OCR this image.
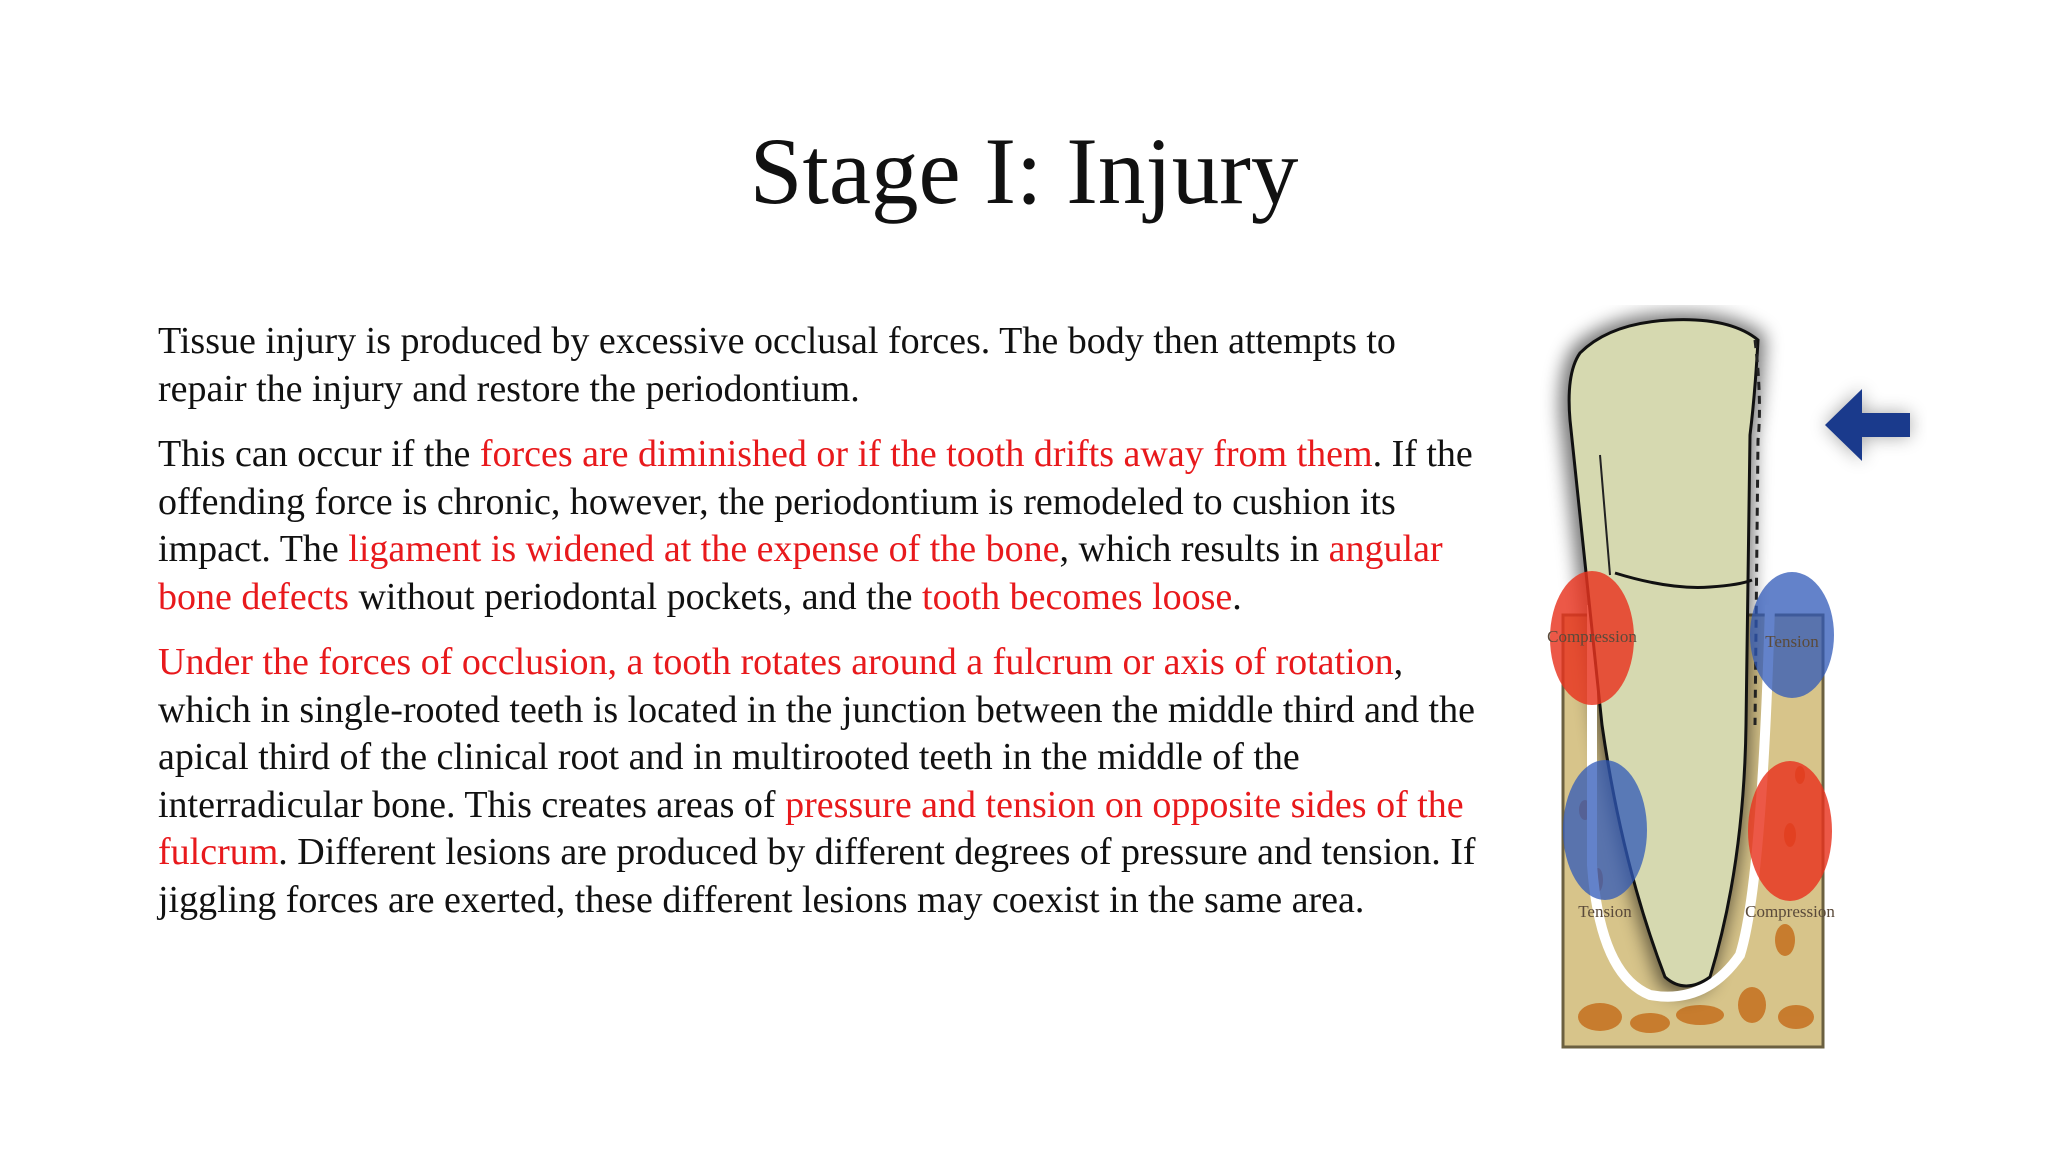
Stage I: Injury

Tissue injury is produced by excessive occlusal forces. The body then attempts to repair the injury and restore the periodontium.

This can occur if the forces are diminished or if the tooth drifts away from them. If the offending force is chronic, however, the periodontium is remodeled to cushion its impact. The ligament is widened at the expense of the bone, which results in angular bone defects without periodontal pockets, and the tooth becomes loose.

Under the forces of occlusion, a tooth rotates around a fulcrum or axis of rotation, which in single-rooted teeth is located in the junction between the middle third and the apical third of the clinical root and in multirooted teeth in the middle of the interradicular bone. This creates areas of pressure and tension on opposite sides of the fulcrum. Different lesions are produced by different degrees of pressure and tension. If jiggling forces are exerted, these different lesions may coexist in the same area.

Compression	Tension
Tension	Compression
